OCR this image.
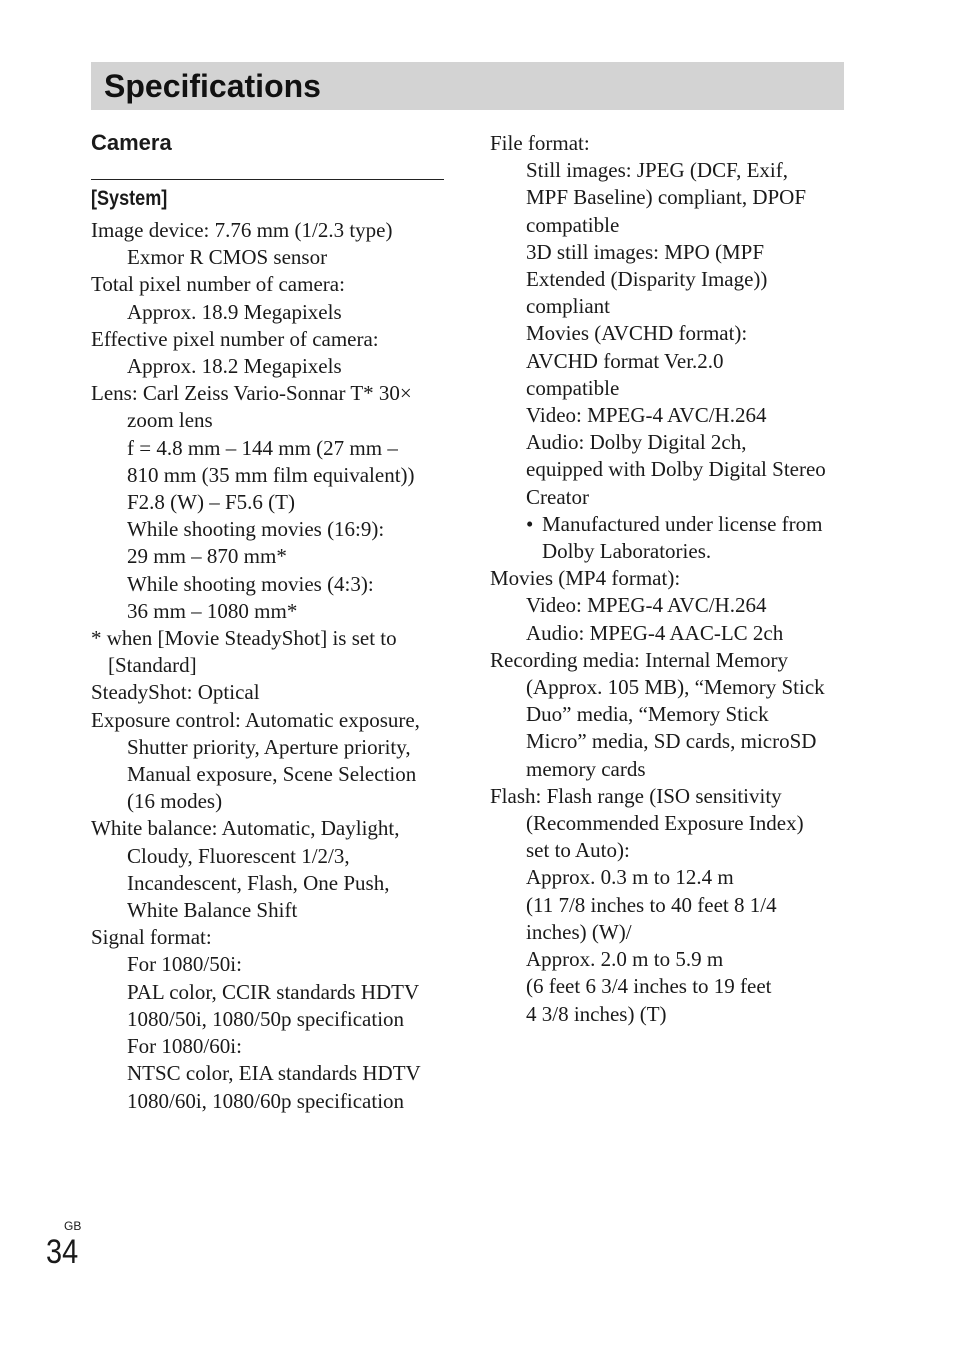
Specifications
Camera
[System]
Image device: 7.76 mm (1/2.3 type)
Exmor R CMOS sensor
Total pixel number of camera:
Approx. 18.9 Megapixels
Effective pixel number of camera:
Approx. 18.2 Megapixels
Lens: Carl Zeiss Vario-Sonnar T* 30×
zoom lens
f = 4.8 mm – 144 mm (27 mm –
810 mm (35 mm film equivalent))
F2.8 (W) – F5.6 (T)
While shooting movies (16:9):
29 mm – 870 mm*
While shooting movies (4:3):
36 mm – 1080 mm*
* when [Movie SteadyShot] is set to
[Standard]
SteadyShot: Optical
Exposure control: Automatic exposure,
Shutter priority, Aperture priority,
Manual exposure, Scene Selection
(16 modes)
White balance: Automatic, Daylight,
Cloudy, Fluorescent 1/2/3,
Incandescent, Flash, One Push,
White Balance Shift
Signal format:
For 1080/50i:
PAL color, CCIR standards HDTV
1080/50i, 1080/50p specification
For 1080/60i:
NTSC color, EIA standards HDTV
1080/60i, 1080/60p specification
File format:
Still images: JPEG (DCF, Exif,
MPF Baseline) compliant, DPOF
compatible
3D still images: MPO (MPF
Extended (Disparity Image))
compliant
Movies (AVCHD format):
AVCHD format Ver.2.0
compatible
Video: MPEG-4 AVC/H.264
Audio: Dolby Digital 2ch,
equipped with Dolby Digital Stereo
Creator
• Manufactured under license from
Dolby Laboratories.
Movies (MP4 format):
Video: MPEG-4 AVC/H.264
Audio: MPEG-4 AAC-LC 2ch
Recording media: Internal Memory
(Approx. 105 MB), “Memory Stick
Duo” media, “Memory Stick
Micro” media, SD cards, microSD
memory cards
Flash: Flash range (ISO sensitivity
(Recommended Exposure Index)
set to Auto):
Approx. 0.3 m to 12.4 m
(11 7/8 inches to 40 feet 8 1/4
inches) (W)/
Approx. 2.0 m to 5.9 m
(6 feet 6 3/4 inches to 19 feet
4 3/8 inches) (T)
GB
34
